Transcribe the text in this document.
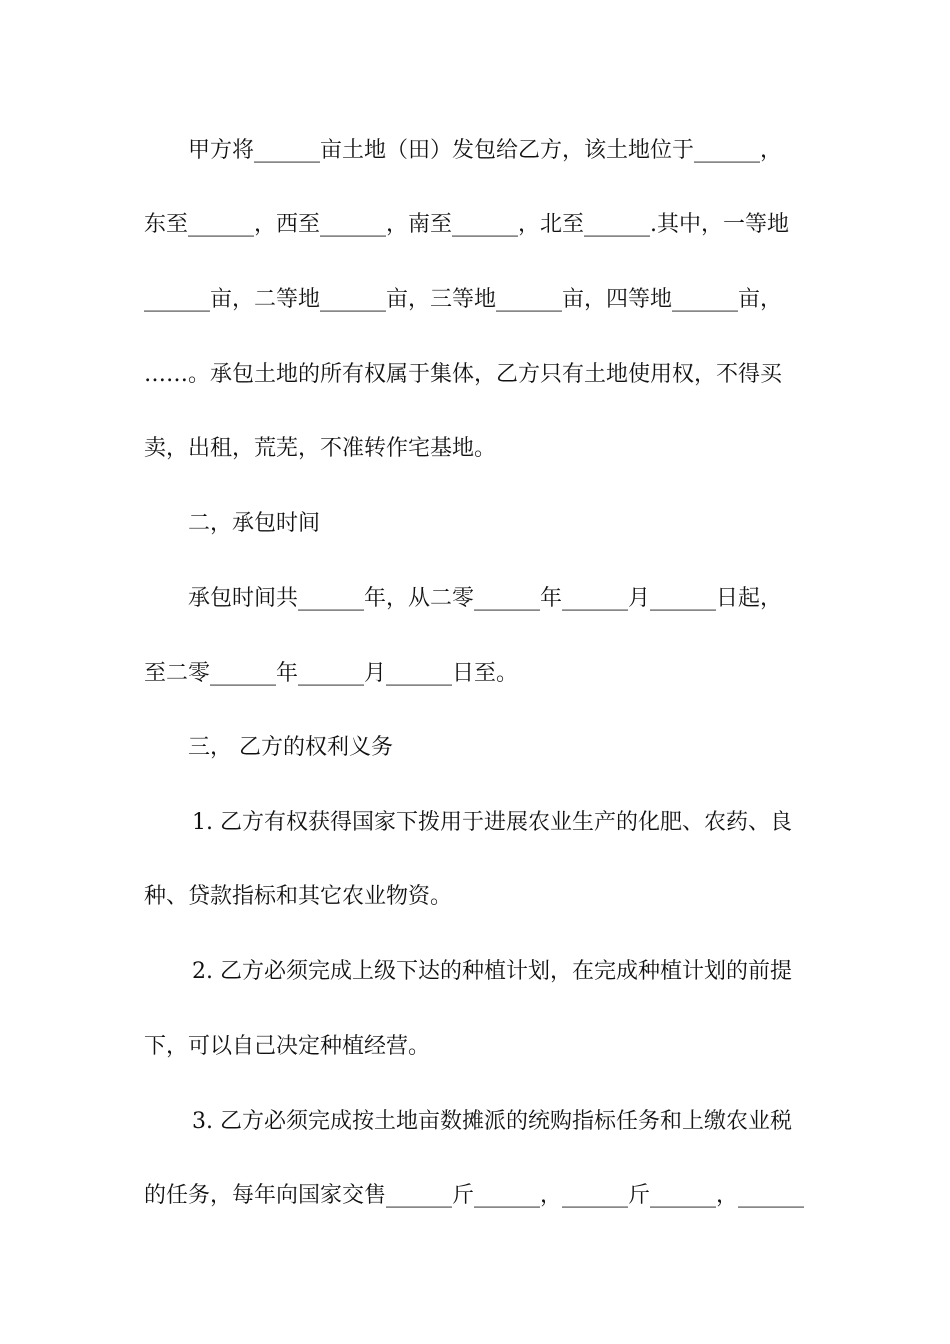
甲方将______亩土地（田）发包给乙方，该土地位于______，
东至______，西至______，南至______，北至______.其中，一等地
______亩，二等地______亩，三等地______亩，四等地______亩，
……。承包土地的所有权属于集体，乙方只有土地使用权，不得买
卖，出租，荒芜，不准转作宅基地。
二，承包时间
承包时间共______年，从二零______年______月______日起，
至二零______年______月______日至。
三， 乙方的权利义务
1. 乙方有权获得国家下拨用于进展农业生产的化肥、农药、良
种、贷款指标和其它农业物资。
2. 乙方必须完成上级下达的种植计划，在完成种植计划的前提
下，可以自己决定种植经营。
3. 乙方必须完成按土地亩数摊派的统购指标任务和上缴农业税
的任务，每年向国家交售______斤______，______斤______，______
